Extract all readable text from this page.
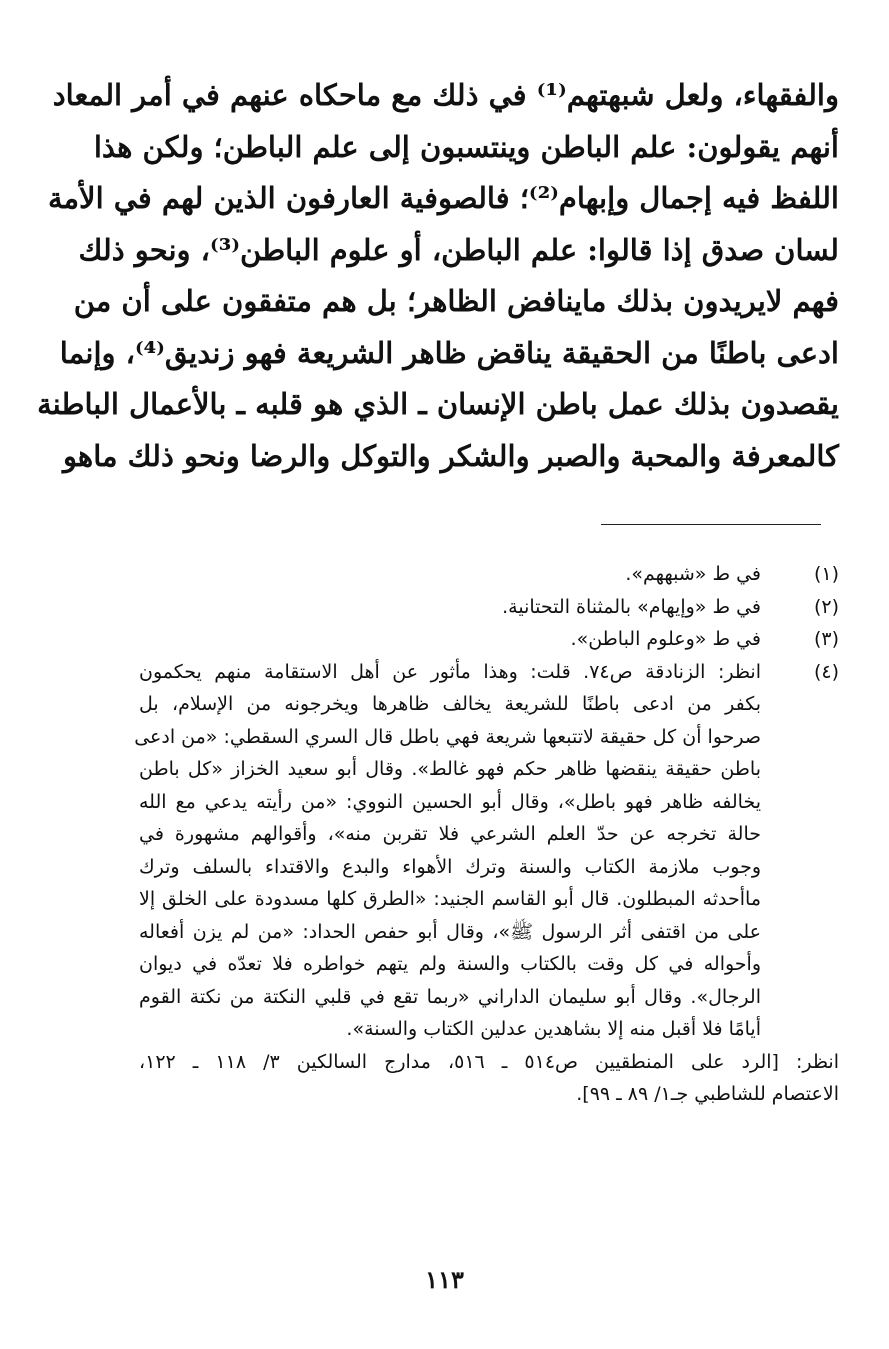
والفقهاء، ولعل شبهتهم⁽¹⁾ في ذلك مع ماحكاه عنهم في أمر المعاد
أنهم يقولون: علم الباطن وينتسبون إلى علم الباطن؛ ولكن هذا
اللفظ فيه إجمال وإبهام⁽²⁾؛ فالصوفية العارفون الذين لهم في الأمة
لسان صدق إذا قالوا: علم الباطن، أو علوم الباطن⁽³⁾، ونحو ذلك
فهم لايريدون بذلك ماينافض الظاهر؛ بل هم متفقون على أن من
ادعى باطنًا من الحقيقة يناقض ظاهر الشريعة فهو زنديق⁽⁴⁾، وإنما
يقصدون بذلك عمل باطن الإنسان ـ الذي هو قلبه ـ بالأعمال الباطنة
كالمعرفة والمحبة والصبر والشكر والتوكل والرضا ونحو ذلك ماهو
(١)
في ط «شبههم».
(٢)
في ط «وإيهام» بالمثناة التحتانية.
(٣)
في ط «وعلوم الباطن».
(٤)
انظر: الزنادقة ص٧٤. قلت: وهذا مأثور عن أهل الاستقامة منهم يحكمون
بكفر من ادعى باطنًا للشريعة يخالف ظاهرها ويخرجونه من الإسلام، بل
صرحوا أن كل حقيقة لاتتبعها شريعة فهي باطل قال السري السقطي: «من ادعى
باطن حقيقة ينقضها ظاهر حكم فهو غالط». وقال أبو سعيد الخزاز «كل باطن
يخالفه ظاهر فهو باطل»، وقال أبو الحسين النووي: «من رأيته يدعي مع الله
حالة تخرجه عن حدّ العلم الشرعي فلا تقربن منه»، وأقوالهم مشهورة في
وجوب ملازمة الكتاب والسنة وترك الأهواء والبدع والاقتداء بالسلف وترك
ماأحدثه المبطلون. قال أبو القاسم الجنيد: «الطرق كلها مسدودة على الخلق إلا
على من اقتفى أثر الرسول ﷺ»، وقال أبو حفص الحداد: «من لم يزن أفعاله
وأحواله في كل وقت بالكتاب والسنة ولم يتهم خواطره فلا تعدّه في ديوان
الرجال». وقال أبو سليمان الداراني «ربما تقع في قلبي النكتة من نكتة القوم
أيامًا فلا أقبل منه إلا بشاهدين عدلين الكتاب والسنة».
انظر: [الرد على المنطقيين ص٥١٤ ـ ٥١٦، مدارج السالكين ٣/ ١١٨ ـ ١٢٢،
الاعتصام للشاطبي جـ١/ ٨٩ ـ ٩٩].
١١٣
